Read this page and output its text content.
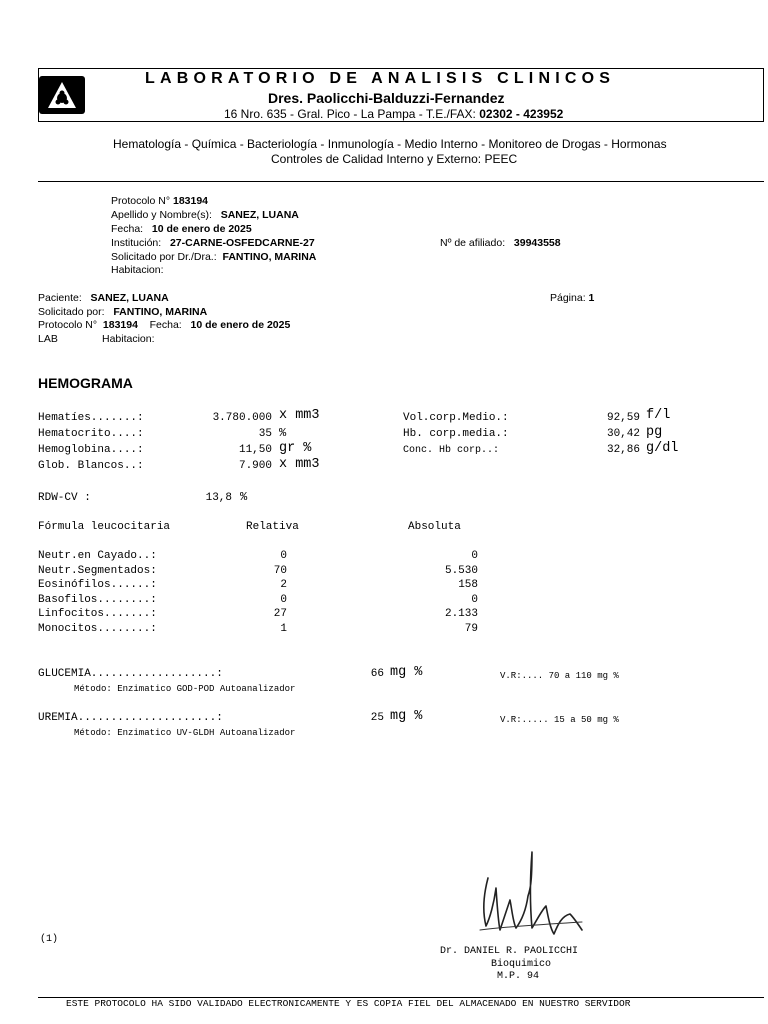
LABORATORIO DE ANALISIS CLINICOS
Dres. Paolicchi-Balduzzi-Fernandez
16 Nro. 635 - Gral. Pico - La Pampa - T.E./FAX: 02302 - 423952
Hematología - Química - Bacteriología - Inmunología - Medio Interno - Monitoreo de Drogas - Hormonas
Controles de Calidad Interno y Externo: PEEC
Protocolo N° 183194
Apellido y Nombre(s): SANEZ, LUANA
Fecha: 10 de enero de 2025
Institución: 27-CARNE-OSFEDCARNE-27	Nº de afiliado: 39943558
Solicitado por Dr./Dra.: FANTINO, MARINA
Habitacion:
Paciente: SANEZ, LUANA	Página: 1
Solicitado por: FANTINO, MARINA
Protocolo N° 183194 Fecha: 10 de enero de 2025
LAB	Habitacion:
HEMOGRAMA
Hematíes.......:	3.780.000 x mm3
Hematocrito....:	35 %
Hemoglobina....:	11,50 gr %
Glob. Blancos..:	7.900 x mm3
Vol.corp.Medio.:	92,59 f/l
Hb. corp.media.:	30,42 pg
Conc. Hb corp..:	32,86 g/dl
RDW-CV :	13,8 %
Fórmula leucocitaria	Relativa	Absoluta
Neutr.en Cayado..:	0	0
Neutr.Segmentados:	70	5.530
Eosinófilos......:	2	158
Basofilos........:	0	0
Linfocitos.......:	27	2.133
Monocitos........:	1	79
GLUCEMIA...................:	66 mg %	V.R:.... 70 a 110 mg %
Método: Enzimatico GOD-POD Autoanalizador
UREMIA.....................:	25 mg %	V.R:..... 15 a 50 mg %
Método: Enzimatico UV-GLDH Autoanalizador
(1)
Dr. DANIEL R. PAOLICCHI
Bioquimico
M.P. 94
ESTE PROTOCOLO HA SIDO VALIDADO ELECTRONICAMENTE Y ES COPIA FIEL DEL ALMACENADO EN NUESTRO SERVIDOR
